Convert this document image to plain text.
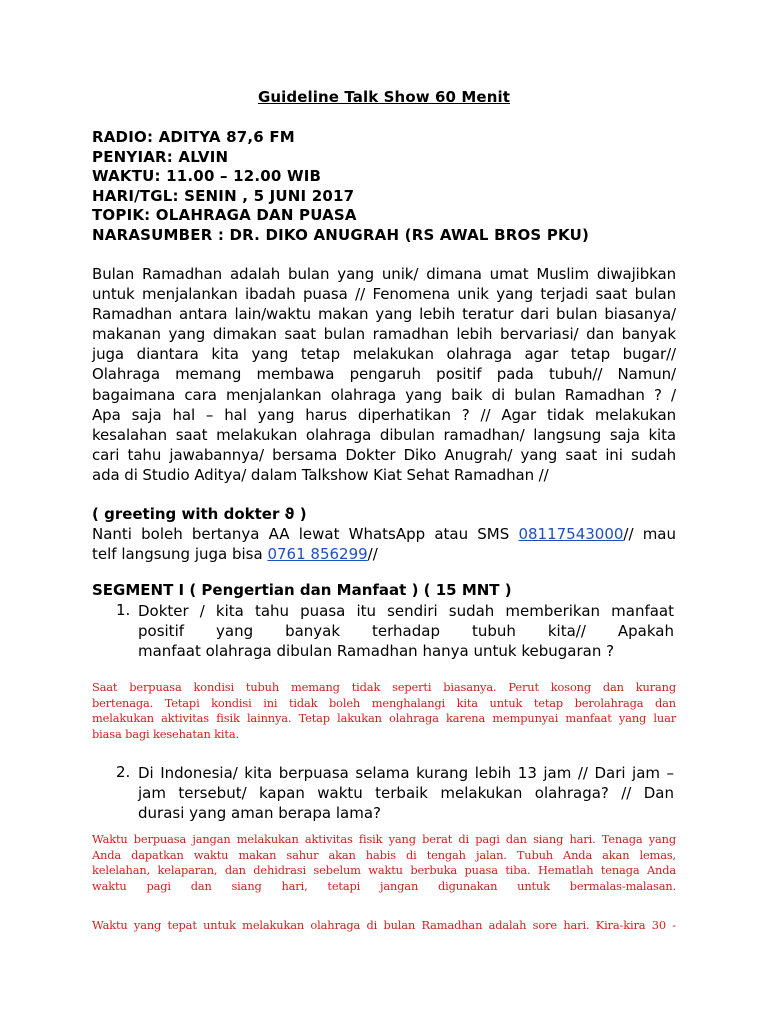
Guideline Talk Show 60 Menit
RADIO: ADITYA 87,6 FM
PENYIAR: ALVIN
WAKTU: 11.00 – 12.00 WIB
HARI/TGL: SENIN , 5 JUNI 2017
TOPIK: OLAHRAGA DAN PUASA
NARASUMBER : DR. DIKO ANUGRAH (RS AWAL BROS PKU)
Bulan Ramadhan adalah bulan yang unik/ dimana umat Muslim diwajibkan
untuk menjalankan ibadah puasa // Fenomena unik yang terjadi saat bulan
Ramadhan antara lain/waktu makan yang lebih teratur dari bulan biasanya/
makanan yang dimakan saat bulan ramadhan lebih bervariasi/ dan banyak
juga diantara kita yang tetap melakukan olahraga agar tetap bugar//
Olahraga memang membawa pengaruh positif pada tubuh// Namun/
bagaimana cara menjalankan olahraga yang baik di bulan Ramadhan ? /
Apa saja hal – hal yang harus diperhatikan ? // Agar tidak melakukan
kesalahan saat melakukan olahraga dibulan ramadhan/ langsung saja kita
cari tahu jawabannya/ bersama Dokter Diko Anugrah/ yang saat ini sudah
ada di Studio Aditya/ dalam Talkshow Kiat Sehat Ramadhan //
( greeting with dokter ϑ )
Nanti boleh bertanya AA lewat WhatsApp atau SMS 08117543000// mau
telf langsung juga bisa 0761 856299//
SEGMENT I ( Pengertian dan Manfaat ) ( 15 MNT )
1. Dokter / kita tahu puasa itu sendiri sudah memberikan manfaat
positif yang banyak terhadap tubuh kita// Apakah
manfaat olahraga dibulan Ramadhan hanya untuk kebugaran ?
Saat berpuasa kondisi tubuh memang tidak seperti biasanya. Perut kosong dan kurang
bertenaga. Tetapi kondisi ini tidak boleh menghalangi kita untuk tetap berolahraga dan
melakukan aktivitas fisik lainnya. Tetap lakukan olahraga karena mempunyai manfaat yang luar
biasa bagi kesehatan kita.
2. Di Indonesia/ kita berpuasa selama kurang lebih 13 jam // Dari jam –
jam tersebut/ kapan waktu terbaik melakukan olahraga? // Dan
durasi yang aman berapa lama?
Waktu berpuasa jangan melakukan aktivitas fisik yang berat di pagi dan siang hari. Tenaga yang
Anda dapatkan waktu makan sahur akan habis di tengah jalan. Tubuh Anda akan lemas,
kelelahan, kelaparan, dan dehidrasi sebelum waktu berbuka puasa tiba. Hematlah tenaga Anda
waktu pagi dan siang hari, tetapi jangan digunakan untuk bermalas-malasan.
Waktu yang tepat untuk melakukan olahraga di bulan Ramadhan adalah sore hari. Kira-kira 30 -
